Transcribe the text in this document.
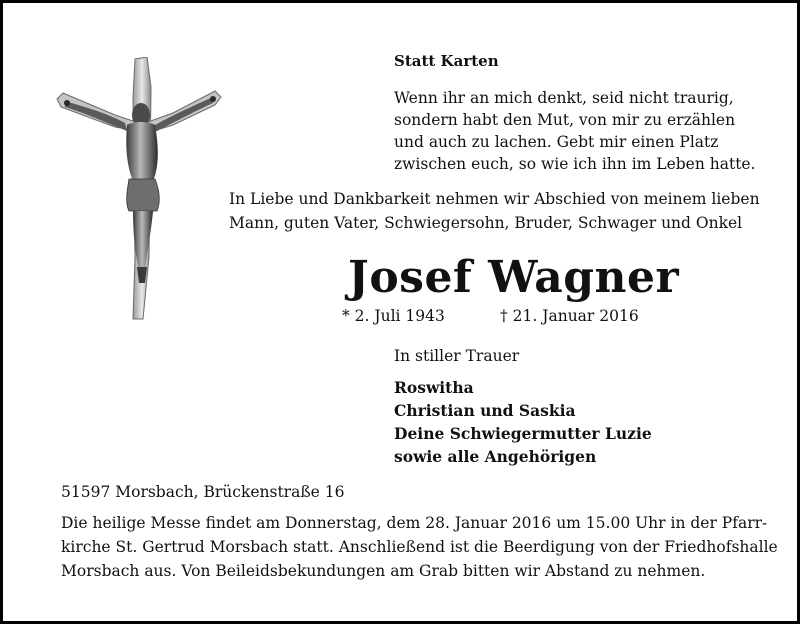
Statt Karten
Wenn ihr an mich denkt, seid nicht traurig,
sondern habt den Mut, von mir zu erzählen
und auch zu lachen. Gebt mir einen Platz
zwischen euch, so wie ich ihn im Leben hatte.
In Liebe und Dankbarkeit nehmen wir Abschied von meinem lieben
Mann, guten Vater, Schwiegersohn, Bruder, Schwager und Onkel
Josef Wagner
* 2. Juli 1943	† 21. Januar 2016
In stiller Trauer
Roswitha
Christian und Saskia
Deine Schwiegermutter Luzie
sowie alle Angehörigen
51597 Morsbach, Brückenstraße 16
Die heilige Messe findet am Donnerstag, dem 28. Januar 2016 um 15.00 Uhr in der Pfarr-
kirche St. Gertrud Morsbach statt. Anschließend ist die Beerdigung von der Friedhofshalle
Morsbach aus. Von Beileidsbekundungen am Grab bitten wir Abstand zu nehmen.
